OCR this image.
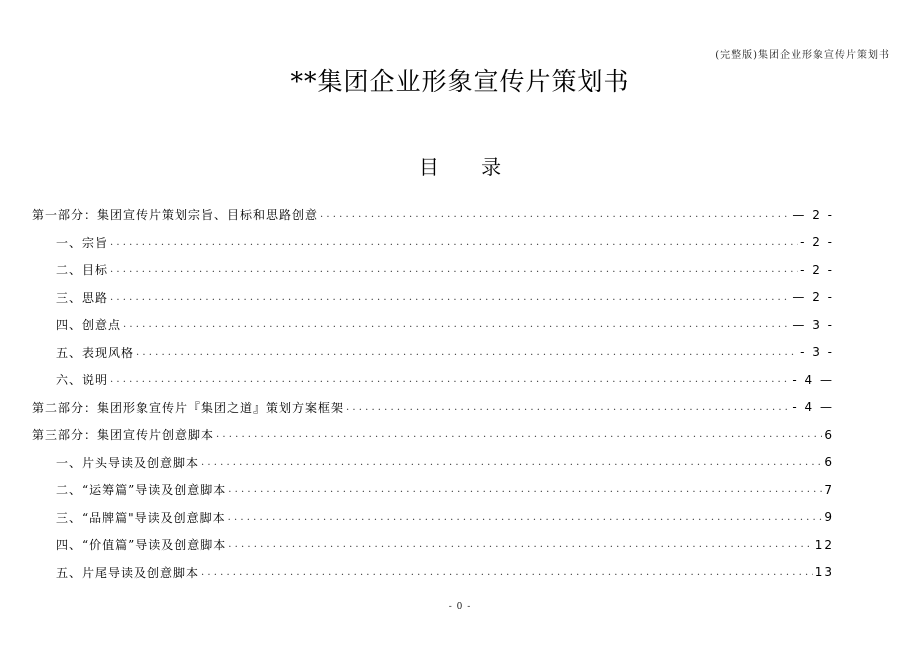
(完整版)集团企业形象宣传片策划书
**集团企业形象宣传片策划书
目 录
第一部分：集团宣传片策划宗旨、目标和思路创意 . . .	— 2 -
一、宗旨 . . .	- 2 -
二、目标 . . .	- 2 -
三、思路 . . .	— 2 -
四、创意点 . . .	— 3 -
五、表现风格 . . .	- 3 -
六、说明 . . .	- 4 —
第二部分：集团形象宣传片『集团之道』策划方案框架 . . .	- 4 —
第三部分：集团宣传片创意脚本 . . .	6
一、片头导读及创意脚本 . . .	6
二、“运筹篇”导读及创意脚本 . . .	7
三、“品牌篇"导读及创意脚本 . . .	9
四、“价值篇”导读及创意脚本 . . .	12
五、片尾导读及创意脚本 . . .	13
- 0 -
